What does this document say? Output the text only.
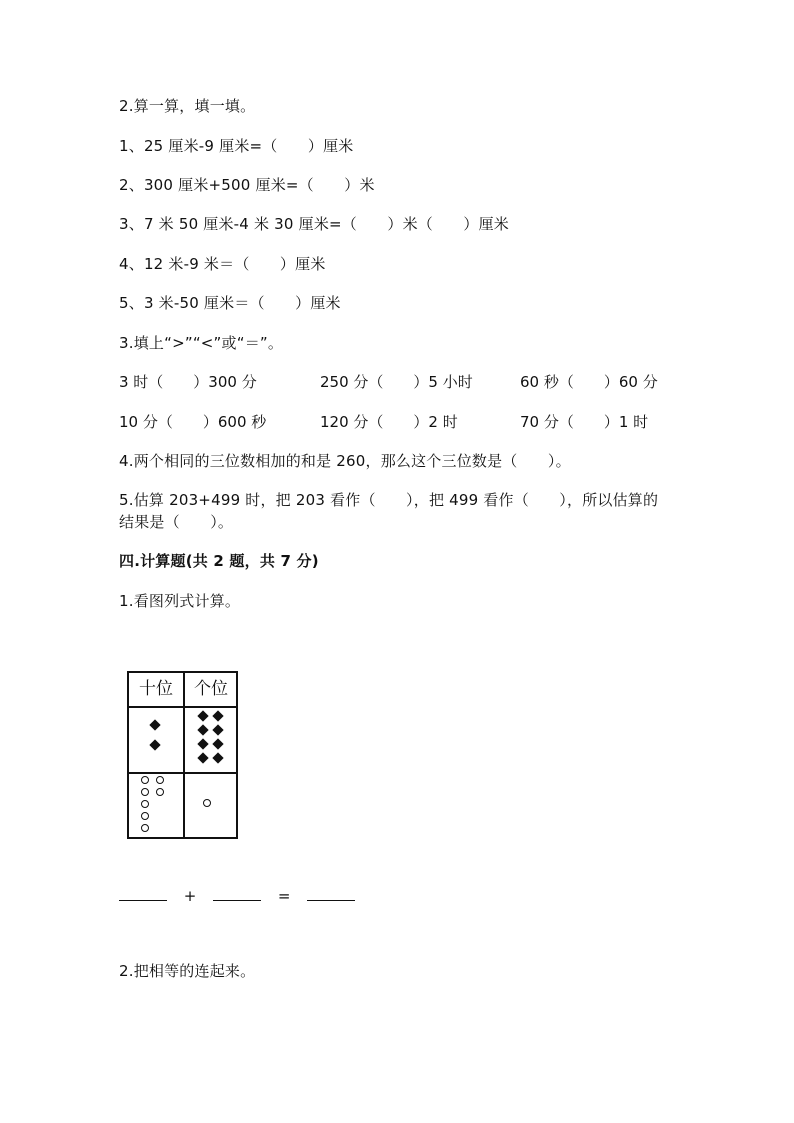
2.算一算，填一填。
1、25 厘米-9 厘米=（　　）厘米
2、300 厘米+500 厘米=（　　）米
3、7 米 50 厘米-4 米 30 厘米=（　　）米（　　）厘米
4、12 米-9 米＝（　　）厘米
5、3 米-50 厘米＝（　　）厘米
3.填上“>”“<”或“＝”。
3 时（　　）300 分	250 分（　　）5 小时	60 秒（　　）60 分
10 分（　　）600 秒	120 分（　　）2 时	70 分（　　）1 时
4.两个相同的三位数相加的和是 260，那么这个三位数是（　　）。
5.估算 203+499 时，把 203 看作（　　），把 499 看作（　　），所以估算的
结果是（　　）。
四.计算题(共 2 题，共 7 分)
1.看图列式计算。
十位	个位
+	=
2.把相等的连起来。
